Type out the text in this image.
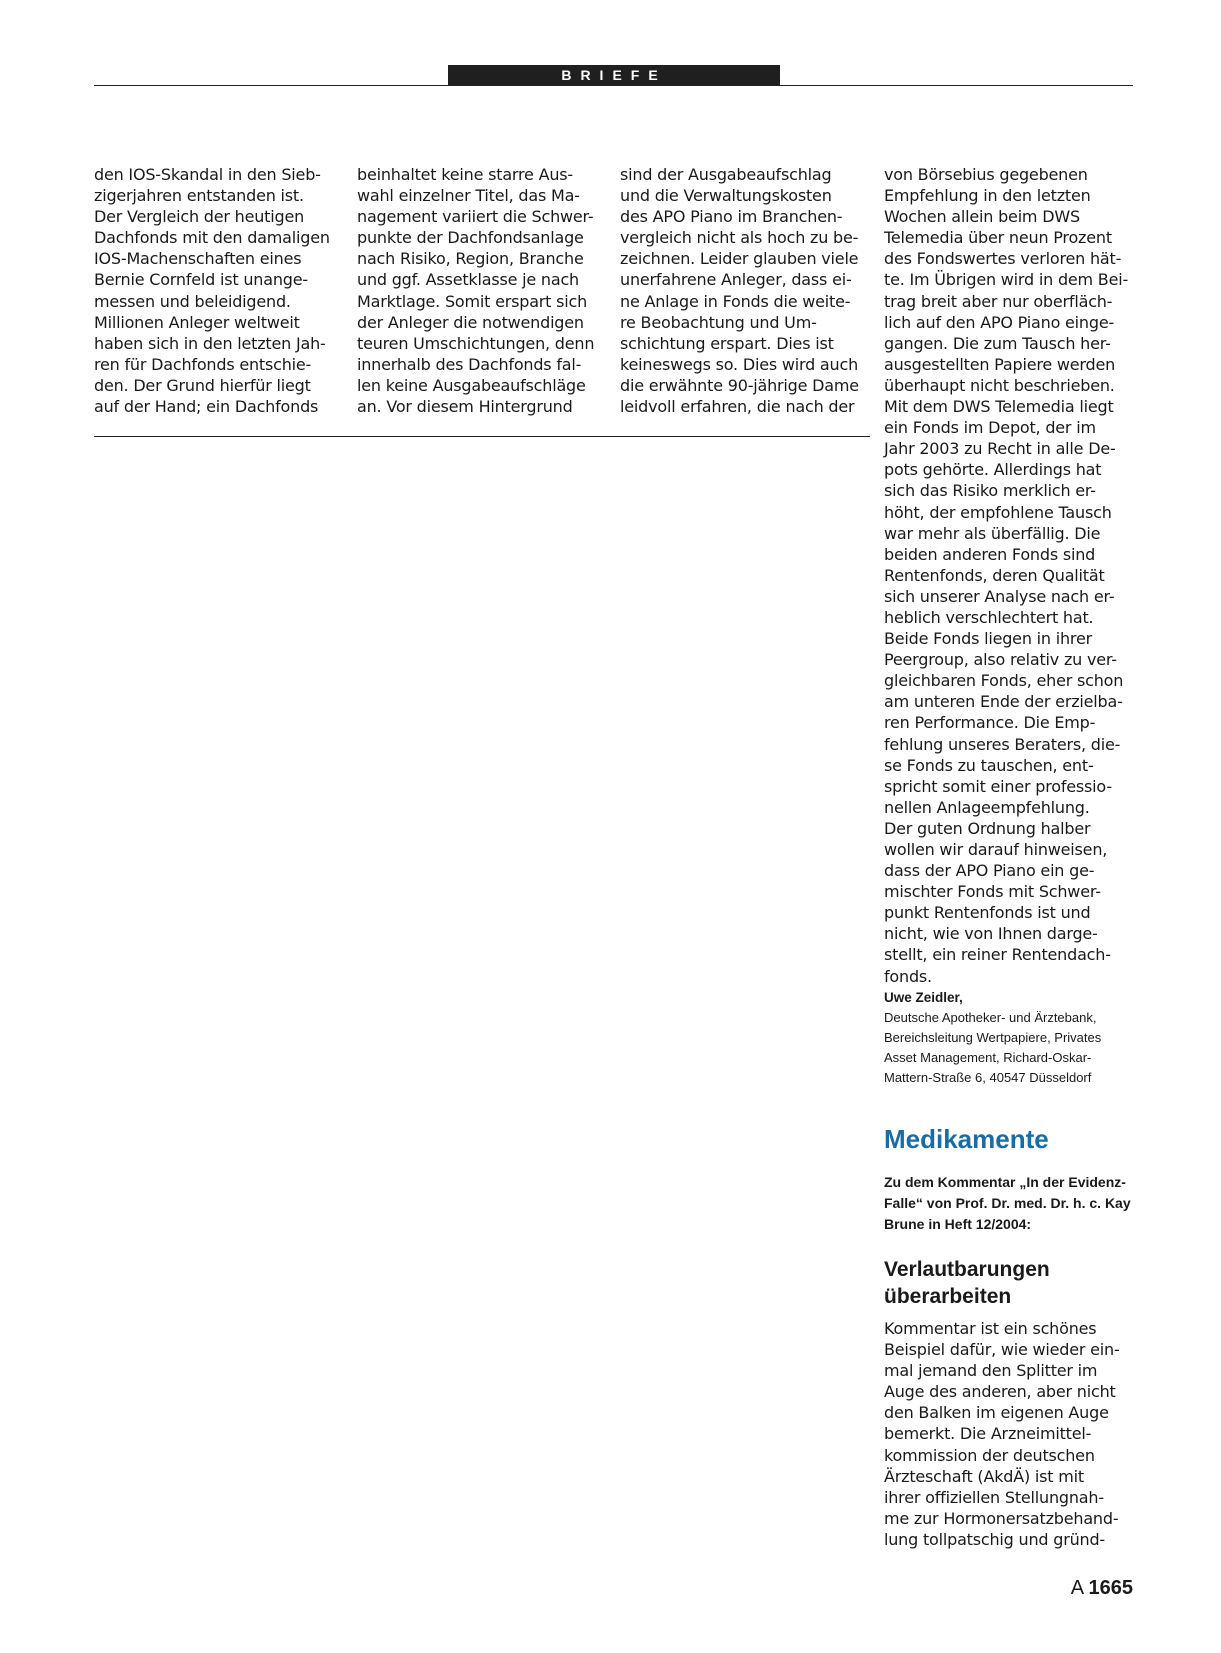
BRIEFE
den IOS-Skandal in den Sieb-
zigerjahren entstanden ist.
Der Vergleich der heutigen
Dachfonds mit den damaligen
IOS-Machenschaften eines
Bernie Cornfeld ist unange-
messen und beleidigend.
Millionen Anleger weltweit
haben sich in den letzten Jah-
ren für Dachfonds entschie-
den. Der Grund hierfür liegt
auf der Hand; ein Dachfonds
beinhaltet keine starre Aus-
wahl einzelner Titel, das Ma-
nagement variiert die Schwer-
punkte der Dachfondsanlage
nach Risiko, Region, Branche
und ggf. Assetklasse je nach
Marktlage. Somit erspart sich
der Anleger die notwendigen
teuren Umschichtungen, denn
innerhalb des Dachfonds fal-
len keine Ausgabeaufschläge
an. Vor diesem Hintergrund
sind der Ausgabeaufschlag
und die Verwaltungskosten
des APO Piano im Branchen-
vergleich nicht als hoch zu be-
zeichnen. Leider glauben viele
unerfahrene Anleger, dass ei-
ne Anlage in Fonds die weite-
re Beobachtung und Um-
schichtung erspart. Dies ist
keineswegs so. Dies wird auch
die erwähnte 90-jährige Dame
leidvoll erfahren, die nach der
von Börsebius gegebenen
Empfehlung in den letzten
Wochen allein beim DWS
Telemedia über neun Prozent
des Fondswertes verloren hät-
te. Im Übrigen wird in dem Bei-
trag breit aber nur oberfläch-
lich auf den APO Piano einge-
gangen. Die zum Tausch her-
ausgestellten Papiere werden
überhaupt nicht beschrieben.
Mit dem DWS Telemedia liegt
ein Fonds im Depot, der im
Jahr 2003 zu Recht in alle De-
pots gehörte. Allerdings hat
sich das Risiko merklich er-
höht, der empfohlene Tausch
war mehr als überfällig. Die
beiden anderen Fonds sind
Rentenfonds, deren Qualität
sich unserer Analyse nach er-
heblich verschlechtert hat.
Beide Fonds liegen in ihrer
Peergroup, also relativ zu ver-
gleichbaren Fonds, eher schon
am unteren Ende der erzielba-
ren Performance. Die Emp-
fehlung unseres Beraters, die-
se Fonds zu tauschen, ent-
spricht somit einer professio-
nellen Anlageempfehlung.
Der guten Ordnung halber
wollen wir darauf hinweisen,
dass der APO Piano ein ge-
mischter Fonds mit Schwer-
punkt Rentenfonds ist und
nicht, wie von Ihnen darge-
stellt, ein reiner Rentendach-
fonds.
Uwe Zeidler,
Deutsche Apotheker- und Ärztebank,
Bereichsleitung Wertpapiere, Privates
Asset Management, Richard-Oskar-
Mattern-Straße 6, 40547 Düsseldorf
Medikamente
Zu dem Kommentar „In der Evidenz-
Falle“ von Prof. Dr. med. Dr. h. c. Kay
Brune in Heft 12/2004:
Verlautbarungen
überarbeiten
Kommentar ist ein schönes
Beispiel dafür, wie wieder ein-
mal jemand den Splitter im
Auge des anderen, aber nicht
den Balken im eigenen Auge
bemerkt. Die Arzneimittel-
kommission der deutschen
Ärzteschaft (AkdÄ) ist mit
ihrer offiziellen Stellungnah-
me zur Hormonersatzbehand-
lung tollpatschig und gründ-
A 1665
